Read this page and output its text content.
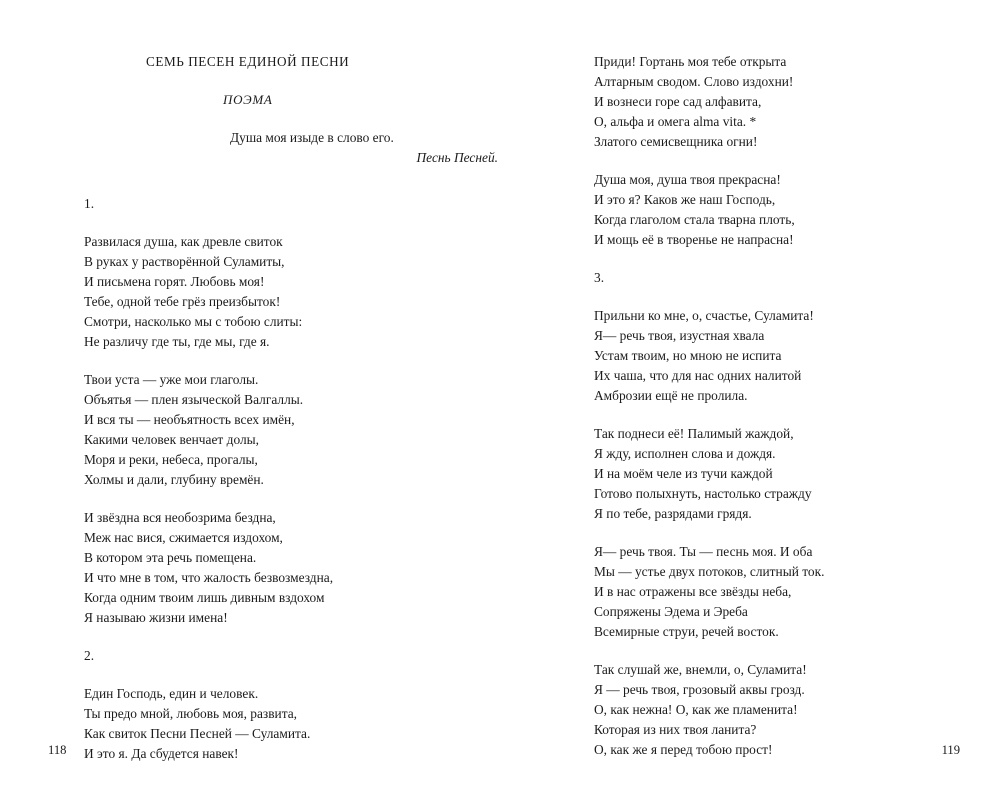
СЕМЬ ПЕСЕН ЕДИНОЙ ПЕСНИ
ПОЭМА

Душа моя изыде в слово его.

Песнь Песней.

1.

Развилася душа, как древле свиток

В руках у растворённой Суламиты,

И письмена горят. Любовь моя!

Тебе, одной тебе грёз преизбыток!

Смотри, насколько мы с тобою слиты:

Не различу где ты, где мы, где я.

Твои уста — уже мои глаголы.

Объятья — плен языческой Валгаллы.

И вся ты — необъятность всех имён,

Какими человек венчает долы,

Моря и реки, небеса, прогалы,

Холмы и дали, глубину времён.

И звёздна вся необозрима бездна,

Меж нас вися, сжимается издохом,

В котором эта речь помещена.

И что мне в том, что жалость безвозмездна,

Когда одним твоим лишь дивным вздохом

Я называю жизни имена!

2.

Един Господь, един и человек.

Ты предо мной, любовь моя, развита,

Как свиток Песни Песней — Суламита.

И это я. Да сбудется навек!

118

Приди! Гортань моя тебе открыта

Алтарным сводом. Слово издохни!

И вознеси горе сад алфавита,

О, альфа и омега alma vita. *

Златого семисвещника огни!

Душа моя, душа твоя прекрасна!

И это я? Каков же наш Господь,

Когда глаголом стала тварна плоть,

И мощь её в творенье не напрасна!

3.

Прильни ко мне, о, счастье, Суламита!

Я— речь твоя, изустная хвала

Устам твоим, но мною не испита

Их чаша, что для нас одних налитой

Амброзии ещё не пролила.

Так поднеси её! Палимый жаждой,

Я жду, исполнен слова и дождя.

И на моём челе из тучи каждой

Готово полыхнуть, настолько стражду

Я по тебе, разрядами грядя.

Я— речь твоя. Ты — песнь моя. И оба

Мы — устье двух потоков, слитный ток.

И в нас отражены все звёзды неба,

Сопряжены Эдема и Эреба

Всемирные струи, речей восток.

Так слушай же, внемли, о, Суламита!

Я — речь твоя, грозовый аквы грозд.

О, как нежна! О, как же пламенита!

Которая из них твоя ланита?

О, как же я перед тобою прост!	119
